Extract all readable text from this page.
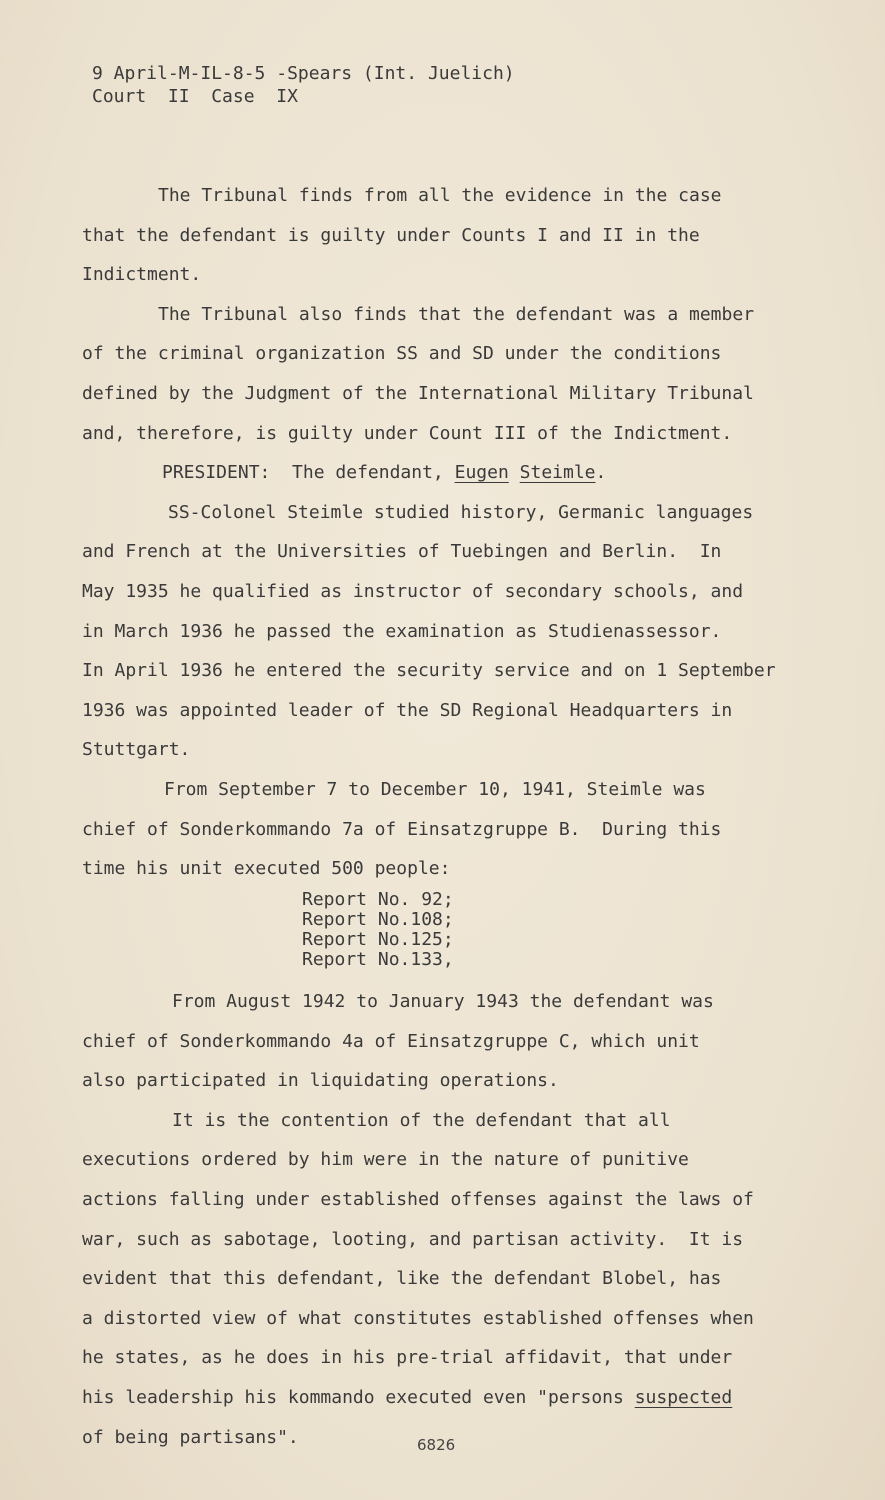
9 April-M-IL-8-5 -Spears (Int. Juelich)
Court  II  Case  IX

The Tribunal finds from all the evidence in the case

that the defendant is guilty under Counts I and II in the

Indictment.

The Tribunal also finds that the defendant was a member

of the criminal organization SS and SD under the conditions

defined by the Judgment of the International Military Tribunal

and, therefore, is guilty under Count III of the Indictment.

PRESIDENT:  The defendant, Eugen Steimle.

SS-Colonel Steimle studied history, Germanic languages

and French at the Universities of Tuebingen and Berlin.  In

May 1935 he qualified as instructor of secondary schools, and

in March 1936 he passed the examination as Studienassessor.

In April 1936 he entered the security service and on 1 September

1936 was appointed leader of the SD Regional Headquarters in

Stuttgart.

From September 7 to December 10, 1941, Steimle was

chief of Sonderkommando 7a of Einsatzgruppe B.  During this

time his unit executed 500 people:

Report No. 92;
Report No.108;
Report No.125;
Report No.133,

From August 1942 to January 1943 the defendant was

chief of Sonderkommando 4a of Einsatzgruppe C, which unit

also participated in liquidating operations.

It is the contention of the defendant that all

executions ordered by him were in the nature of punitive

actions falling under established offenses against the laws of

war, such as sabotage, looting, and partisan activity.  It is

evident that this defendant, like the defendant Blobel, has

a distorted view of what constitutes established offenses when

he states, as he does in his pre-trial affidavit, that under

his leadership his kommando executed even "persons suspected

of being partisans".	6826
